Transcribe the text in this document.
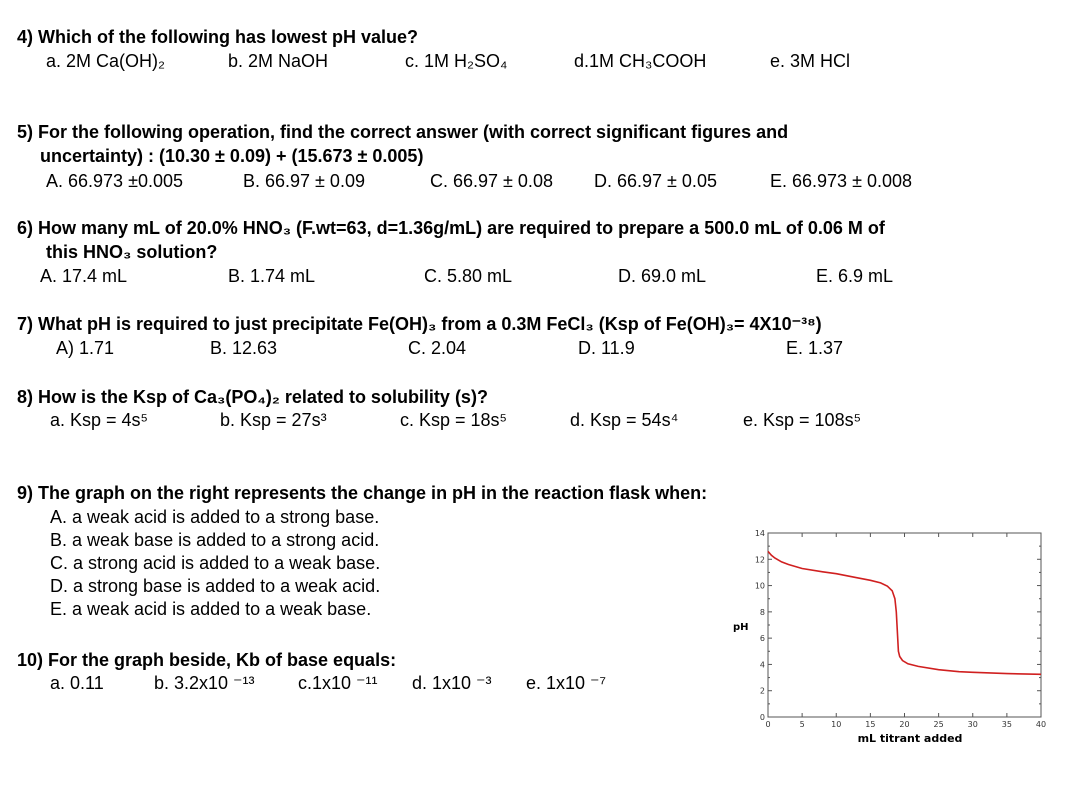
4) Which of the following has lowest pH value?
a. 2M Ca(OH)₂	b. 2M NaOH	c. 1M H₂SO₄	d.1M CH₃COOH	e. 3M HCl
5) For the following operation, find the correct answer (with correct significant figures and
uncertainty) : (10.30 ± 0.09) + (15.673 ± 0.005)
A. 66.973 ±0.005	B. 66.97 ± 0.09	C. 66.97 ± 0.08 D. 66.97 ± 0.05	E. 66.973 ± 0.008
6) How many mL of 20.0% HNO₃ (F.wt=63, d=1.36g/mL) are required to prepare a 500.0 mL of 0.06 M of
this HNO₃ solution?
A. 17.4 mL	B. 1.74 mL	C. 5.80 mL	D. 69.0 mL	E. 6.9 mL
7) What pH is required to just precipitate Fe(OH)₃ from a 0.3M FeCl₃ (Ksp of Fe(OH)₃= 4X10⁻³⁸)
A) 1.71	B. 12.63	C. 2.04	D. 11.9	E. 1.37
8) How is the Ksp of Ca₃(PO₄)₂ related to solubility (s)?
a. Ksp = 4s⁵	b. Ksp = 27s³	c. Ksp = 18s⁵	d. Ksp = 54s⁴	e. Ksp = 108s⁵
9) The graph on the right represents the change in pH in the reaction flask when:
A. a weak acid is added to a strong base.
B. a weak base is added to a strong acid.
C. a strong acid is added to a weak base.
D. a strong base is added to a weak acid.
E. a weak acid is added to a weak base.
10) For the graph beside, Kb of base equals:
a. 0.11	b. 3.2x10 ⁻¹³ c.1x10 ⁻¹¹ d. 1x10 ⁻³ e. 1x10 ⁻⁷
0	5	10	15	20	25	30	35	40
0
2
4
6
8
10
12
14
pH
mL titrant added
